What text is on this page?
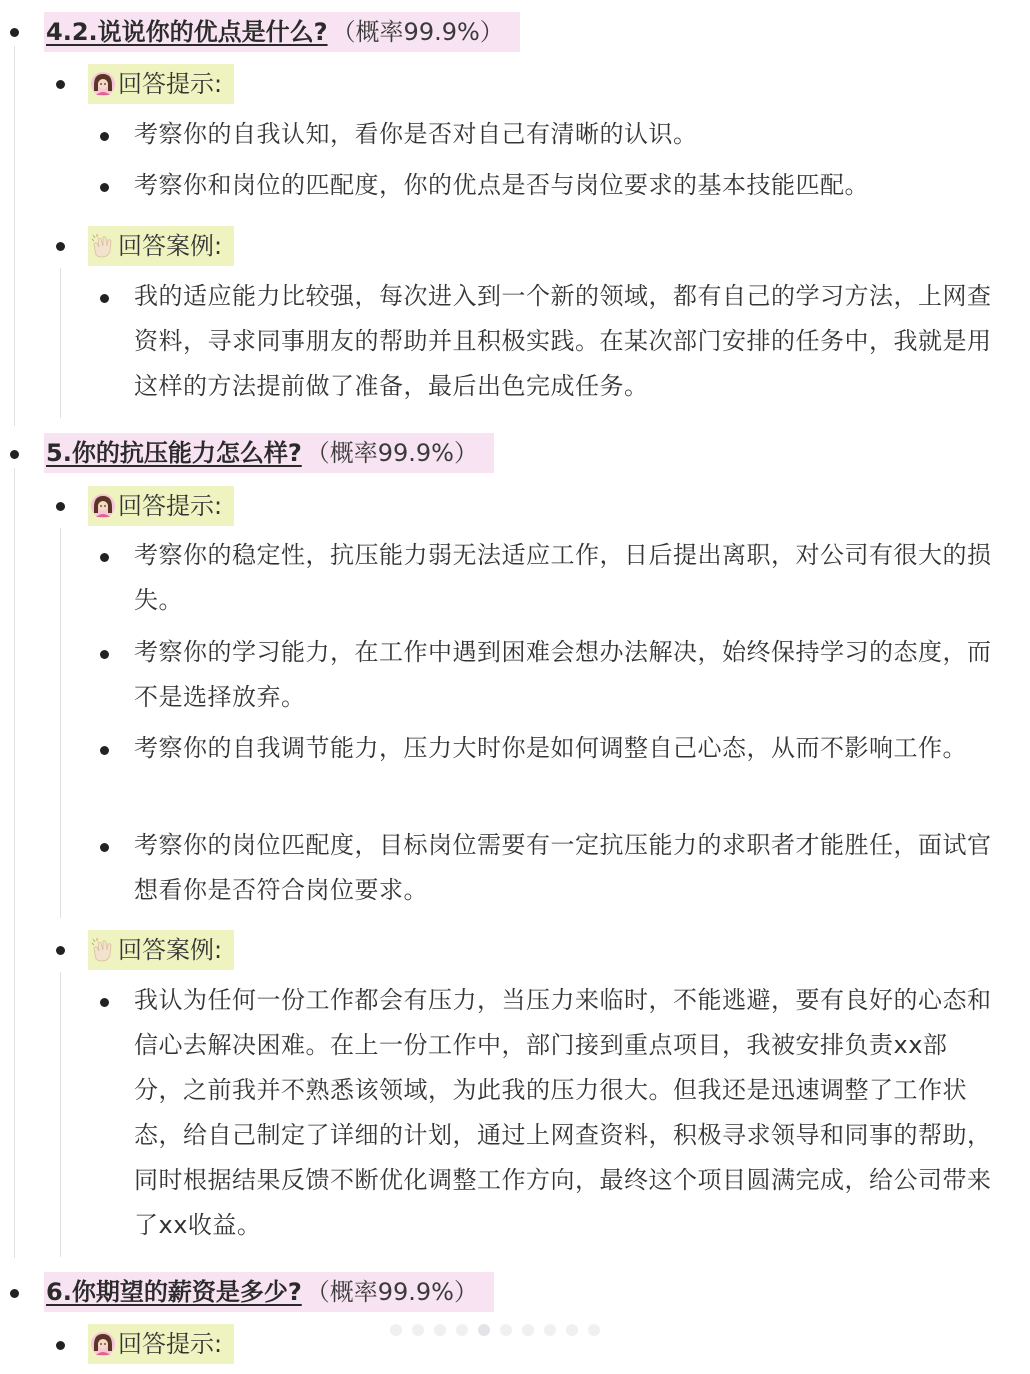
4.2.说说你的优点是什么? （概率99.9%）
回答提示:
考察你的自我认知，看你是否对自己有清晰的认识。
考察你和岗位的匹配度，你的优点是否与岗位要求的基本技能匹配。
回答案例:
我的适应能力比较强，每次进入到一个新的领域，都有自己的学习方法，上网查资料，寻求同事朋友的帮助并且积极实践。在某次部门安排的任务中，我就是用这样的方法提前做了准备，最后出色完成任务。
5.你的抗压能力怎么样? （概率99.9%）
回答提示:
考察你的稳定性，抗压能力弱无法适应工作，日后提出离职，对公司有很大的损失。
考察你的学习能力，在工作中遇到困难会想办法解决，始终保持学习的态度，而不是选择放弃。
考察你的自我调节能力，压力大时你是如何调整自己心态，从而不影响工作。
考察你的岗位匹配度，目标岗位需要有一定抗压能力的求职者才能胜任，面试官想看你是否符合岗位要求。
回答案例:
我认为任何一份工作都会有压力，当压力来临时，不能逃避，要有良好的心态和信心去解决困难。在上一份工作中，部门接到重点项目，我被安排负责xx部分，之前我并不熟悉该领域，为此我的压力很大。但我还是迅速调整了工作状态，给自己制定了详细的计划，通过上网查资料，积极寻求领导和同事的帮助，同时根据结果反馈不断优化调整工作方向，最终这个项目圆满完成，给公司带来了xx收益。
6.你期望的薪资是多少? （概率99.9%）
回答提示:
